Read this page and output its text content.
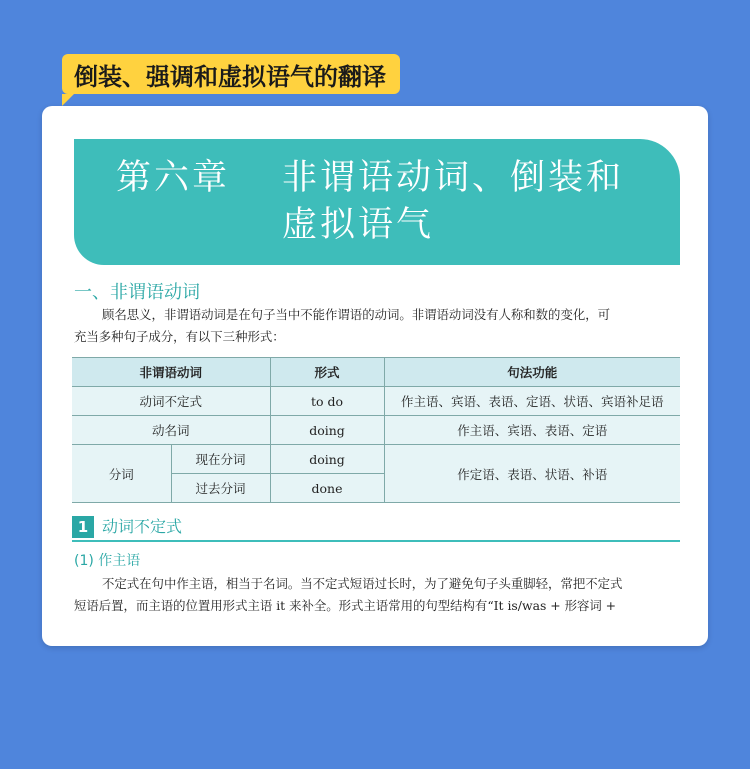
倒装、强调和虚拟语气的翻译
第六章 非谓语动词、倒装和
虚拟语气
一、非谓语动词
顾名思义，非谓语动词是在句子当中不能作谓语的动词。非谓语动词没有人称和数的变化，可
充当多种句子成分，有以下三种形式：
非谓语动词		形式	句法功能
动词不定式		to do	作主语、宾语、表语、定语、状语、宾语补足语
动名词		doing	作主语、宾语、表语、定语
分词	现在分词	doing	作定语、表语、状语、补语
	过去分词	done	
1 动词不定式
(1) 作主语
不定式在句中作主语，相当于名词。当不定式短语过长时，为了避免句子头重脚轻，常把不定式
短语后置，而主语的位置用形式主语 it 来补全。形式主语常用的句型结构有“It is/was + 形容词 +
